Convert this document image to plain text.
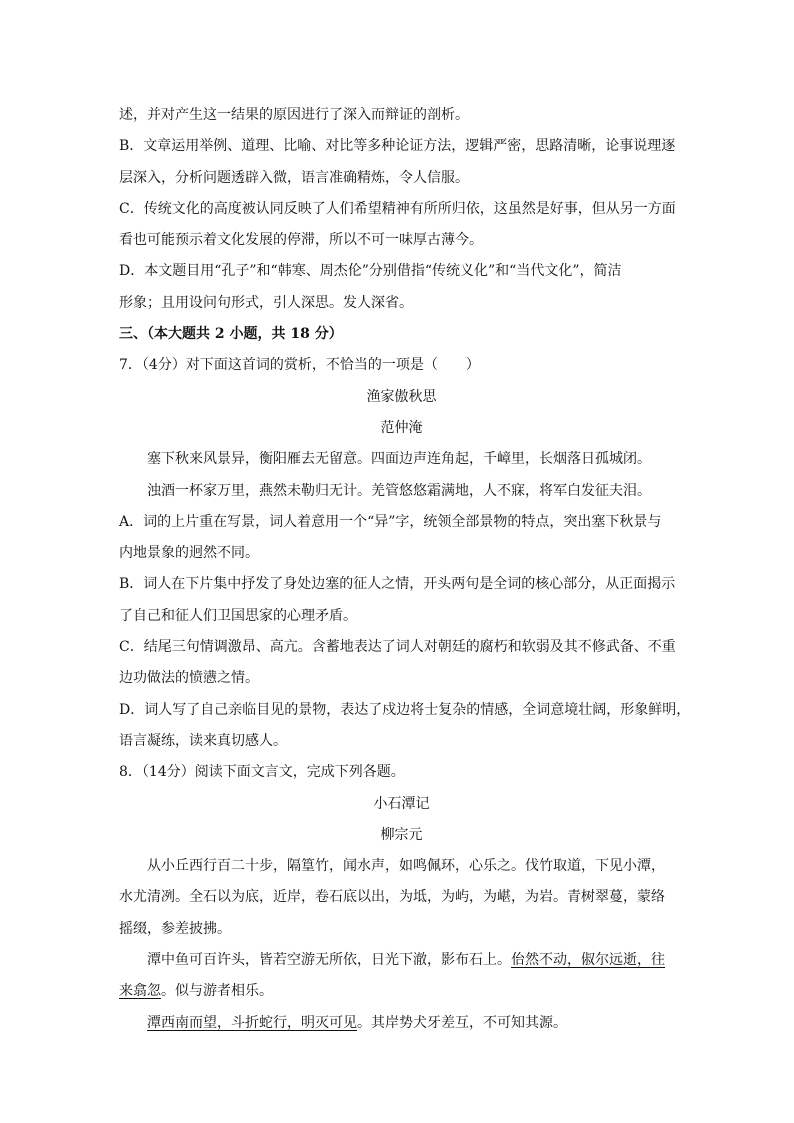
述，并对产生这一结果的原因进行了深入而辩证的剖析。
B．文章运用举例、道理、比喻、对比等多种论证方法，逻辑严密，思路清晰，论事说理逐
层深入，分析问题透辟入微，语言准确精炼，令人信服。
C．传统文化的高度被认同反映了人们希望精神有所所归依，这虽然是好事，但从另一方面
看也可能预示着文化发展的停滞，所以不可一味厚古薄今。
D．本文题目用“孔子”和“韩寒、周杰伦”分别借指“传统义化”和“当代文化”，简洁
形象；且用设问句形式，引人深思。发人深省。
三、（本大题共 2 小题，共 18 分）
7．（4分）对下面这首词的赏析，不恰当的一项是（　　）
渔家傲秋思
范仲淹
塞下秋来风景异，衡阳雁去无留意。四面边声连角起，千嶂里，长烟落日孤城闭。
浊酒一杯家万里，燕然未勒归无计。羌管悠悠霜满地，人不寐，将军白发征夫泪。
A．词的上片重在写景，词人着意用一个“异”字，统领全部景物的特点，突出塞下秋景与
内地景象的迥然不同。
B．词人在下片集中抒发了身处边塞的征人之情，开头两句是全词的核心部分，从正面揭示
了自己和征人们卫国思家的心理矛盾。
C．结尾三句情调激昂、高亢。含蓄地表达了词人对朝廷的腐朽和软弱及其不修武备、不重
边功做法的愤懑之情。
D．词人写了自己亲临目见的景物，表达了戍边将士复杂的情感，全词意境壮阔，形象鲜明，
语言凝练，读来真切感人。
8．（14分）阅读下面文言文，完成下列各题。
小石潭记
柳宗元
从小丘西行百二十步，隔篁竹，闻水声，如鸣佩环，心乐之。伐竹取道，下见小潭，
水尤清冽。全石以为底，近岸，卷石底以出，为坻，为屿，为嵁，为岩。青树翠蔓，蒙络
摇缀，参差披拂。
潭中鱼可百许头，皆若空游无所依，日光下澈，影布石上。佁然不动，俶尔远逝，往
来翕忽。似与游者相乐。
潭西南而望，斗折蛇行，明灭可见。其岸势犬牙差互，不可知其源。
